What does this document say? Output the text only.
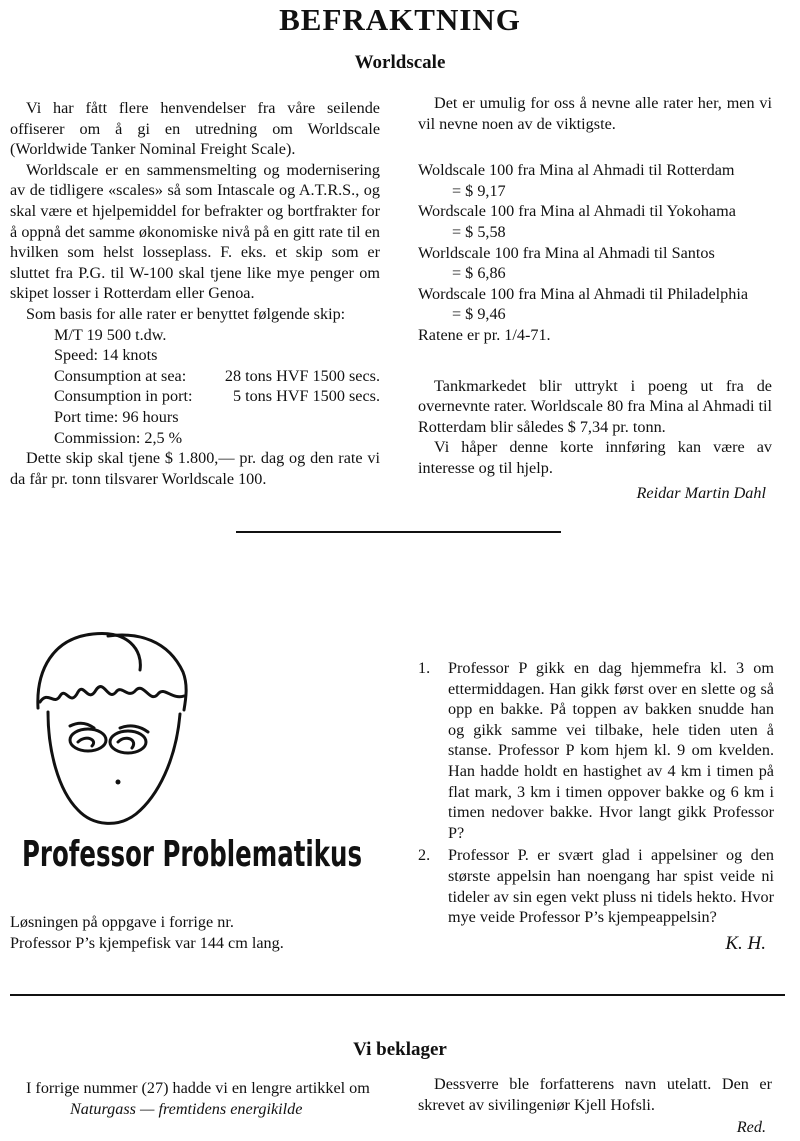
BEFRAKTNING
Worldscale

Vi har fått flere henvendelser fra våre seilende offiserer om å gi en utredning om Worldscale (Worldwide Tanker Nominal Freight Scale).

Worldscale er en sammensmelting og modernisering av de tidligere «scales» så som Intascale og A.T.R.S., og skal være et hjelpemiddel for befrakter og bortfrakter for å oppnå det samme økonomiske nivå på en gitt rate til en hvilken som helst losseplass. F. eks. et skip som er sluttet fra P.G. til W-100 skal tjene like mye penger om skipet losser i Rotterdam eller Genoa.

Som basis for alle rater er benyttet følgende skip:

M/T 19 500 t.dw.
Speed: 14 knots
Consumption at sea:	28 tons HVF 1500 secs.
Consumption in port:	5 tons HVF 1500 secs.
Port time: 96 hours
Commission: 2,5 %

Dette skip skal tjene $ 1.800,— pr. dag og den rate vi da får pr. tonn tilsvarer Worldscale 100.

Det er umulig for oss å nevne alle rater her, men vi vil nevne noen av de viktigste.

Woldscale 100 fra Mina al Ahmadi til Rotterdam
= $ 9,17
Wordscale 100 fra Mina al Ahmadi til Yokohama
= $ 5,58
Worldscale 100 fra Mina al Ahmadi til Santos
= $ 6,86
Wordscale 100 fra Mina al Ahmadi til Philadelphia
= $ 9,46
Ratene er pr. 1/4-71.

Tankmarkedet blir uttrykt i poeng ut fra de overnevnte rater. Worldscale 80 fra Mina al Ahmadi til Rotterdam blir således $ 7,34 pr. tonn.

Vi håper denne korte innføring kan være av interesse og til hjelp.

Reidar Martin Dahl
Professor Problematikus
Løsningen på oppgave i forrige nr.
Professor P’s kjempefisk var 144 cm lang.
1.	Professor P gikk en dag hjemmefra kl. 3 om ettermiddagen. Han gikk først over en slette og så opp en bakke. På toppen av bakken snudde han og gikk samme vei tilbake, hele tiden uten å stanse. Professor P kom hjem kl. 9 om kvelden. Han hadde holdt en hastighet av 4 km i timen på flat mark, 3 km i timen oppover bakke og 6 km i timen nedover bakke. Hvor langt gikk Professor P?
2.	Professor P. er svært glad i appelsiner og den største appelsin han noengang har spist veide ni tideler av sin egen vekt pluss ni tidels hekto. Hvor mye veide Professor P’s kjempeappelsin?
K. H.
Vi beklager

I forrige nummer (27) hadde vi en lengre artikkel om

Naturgass — fremtidens energikilde

Dessverre ble forfatterens navn utelatt. Den er skrevet av sivilingeniør Kjell Hofsli.

Red.
